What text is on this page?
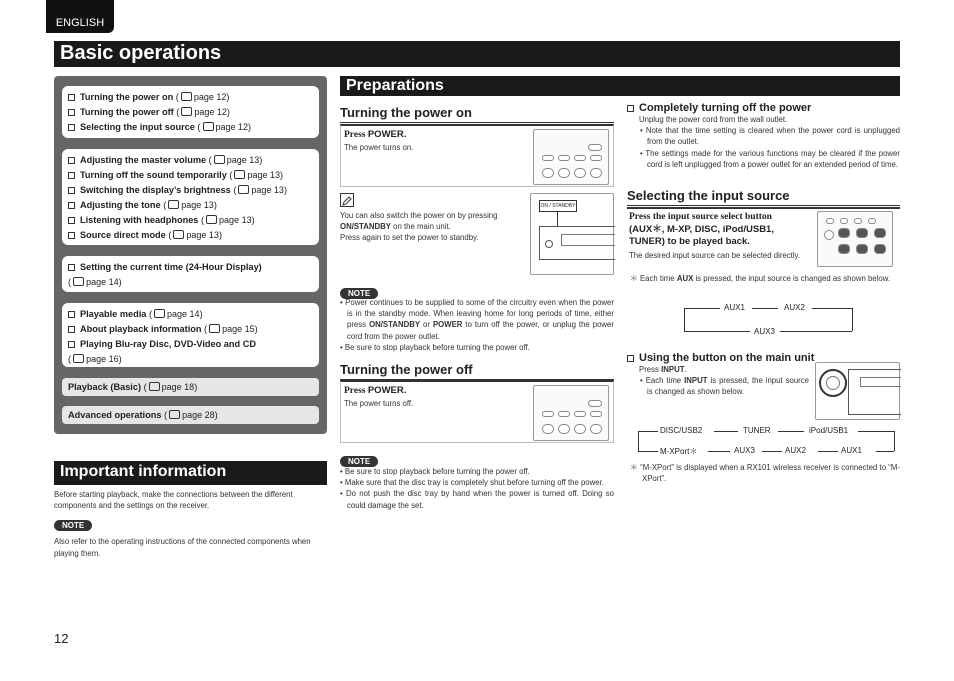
ENGLISH
Basic operations
Turning the power on ( page 12)
Turning the power off ( page 12)
Selecting the input source ( page 12)
Adjusting the master volume ( page 13)
Turning off the sound temporarily ( page 13)
Switching the display’s brightness ( page 13)
Adjusting the tone ( page 13)
Listening with headphones ( page 13)
Source direct mode ( page 13)
Setting the current time (24-Hour Display)
( page 14)
Playable media ( page 14)
About playback information ( page 15)
Playing Blu-ray Disc, DVD-Video and CD
( page 16)
Playback (Basic) ( page 18)
Advanced operations ( page 28)
Important information
Before starting playback, make the connections between the different components and the settings on the receiver.
NOTE
Also refer to the operating instructions of the connected components when playing them.
Preparations
Turning the power on
Press POWER.
The power turns on.
You can also switch the power on by pressing ON/STANDBY on the main unit.
Press again to set the power to standby.
ON / STANDBY
NOTE
• Power continues to be supplied to some of the circuitry even when the power is in the standby mode. When leaving home for long periods of time, either press ON/STANDBY or POWER to turn off the power, or unplug the power cord from the power outlet.
• Be sure to stop playback before turning the power off.
Turning the power off
Press POWER.
The power turns off.
NOTE
• Be sure to stop playback before turning the power off.
• Make sure that the disc tray is completely shut before turning off the power.
• Do not push the disc tray by hand when the power is turned off. Doing so could damage the set.
Completely turning off the power
Unplug the power cord from the wall outlet.
• Note that the time setting is cleared when the power cord is unplugged from the outlet.
• The settings made for the various functions may be cleared if the power cord is left unplugged from a power outlet for an extended period of time.
Selecting the input source
Press the input source select button
(AUX＊, M-XP, DISC, iPod/USB1,
TUNER) to be played back.
The desired input source can be selected directly.
＊ Each time AUX is pressed, the input source is changed as shown below.
AUX1	AUX2
AUX3
Using the button on the main unit
Press INPUT.
• Each time INPUT is pressed, the input source is changed as shown below.
DISC/USB2	TUNER	iPod/USB1
M-XPort＊	AUX3	AUX2	AUX1
＊ “M-XPort” is displayed when a RX101 wireless receiver is connected to “M-XPort”.
12
